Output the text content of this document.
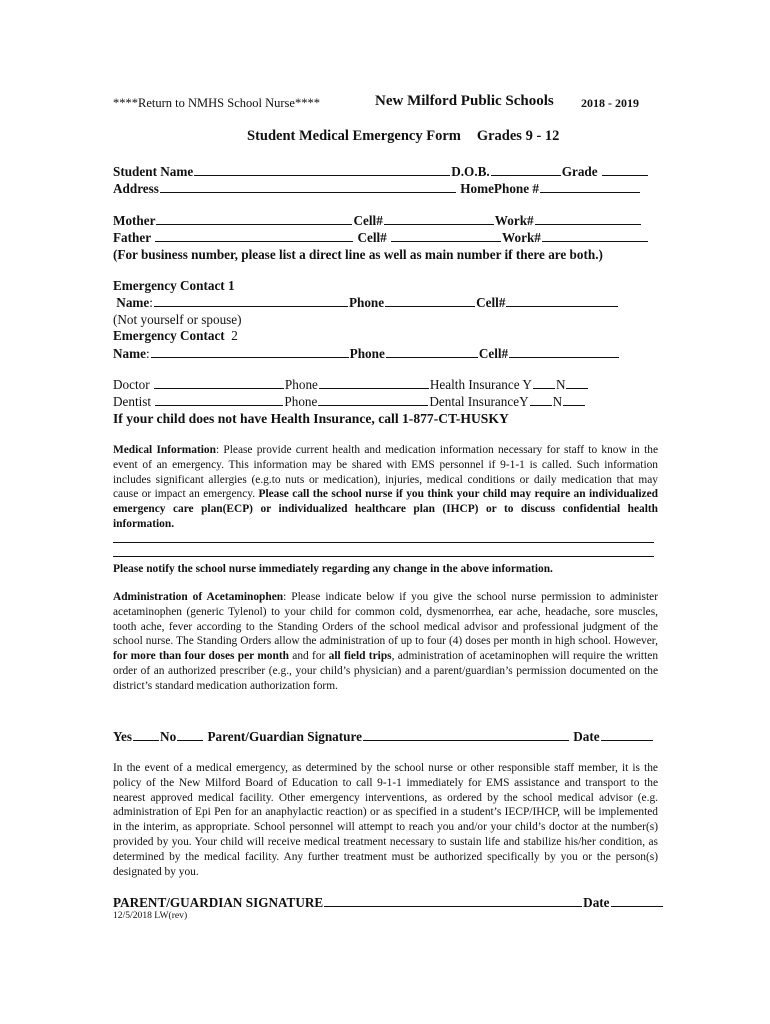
****Return to NMHS School Nurse****	New Milford Public Schools 2018 - 2019
Student Medical Emergency Form Grades 9 - 12
Student Name	D.O.B.	Grade
Address	HomePhone #
Mother	Cell#	Work#
Father	Cell#	Work#
(For business number, please list a direct line as well as main number if there are both.)
Emergency Contact 1
Name:	Phone	Cell#
(Not yourself or spouse)
Emergency Contact 2
Name:	Phone	Cell#
Doctor	Phone	Health Insurance Y N
Dentist	Phone	Dental InsuranceY N
If your child does not have Health Insurance, call 1-877-CT-HUSKY

Medical Information: Please provide current health and medication information necessary for staff to know in the event of an emergency. This information may be shared with EMS personnel if 9-1-1 is called. Such information includes significant allergies (e.g.to nuts or medication), injuries, medical conditions or daily medication that may cause or impact an emergency. Please call the school nurse if you think your child may require an individualized emergency care plan(ECP) or individualized healthcare plan (IHCP) or to discuss confidential health information.

Please notify the school nurse immediately regarding any change in the above information.

Administration of Acetaminophen: Please indicate below if you give the school nurse permission to administer acetaminophen (generic Tylenol) to your child for common cold, dysmenorrhea, ear ache, headache, sore muscles, tooth ache, fever according to the Standing Orders of the school medical advisor and professional judgment of the school nurse. The Standing Orders allow the administration of up to four (4) doses per month in high school. However, for more than four doses per month and for all field trips, administration of acetaminophen will require the written order of an authorized prescriber (e.g., your child’s physician) and a parent/guardian’s permission documented on the district’s standard medication authorization form.

Yes No Parent/Guardian Signature	Date
In the event of a medical emergency, as determined by the school nurse or other responsible staff member, it is the policy of the New Milford Board of Education to call 9-1-1 immediately for EMS assistance and transport to the nearest approved medical facility. Other emergency interventions, as ordered by the school medical advisor (e.g. administration of Epi Pen for an anaphylactic reaction) or as specified in a student’s IECP/IHCP, will be implemented in the interim, as appropriate. School personnel will attempt to reach you and/or your child’s doctor at the number(s) provided by you. Your child will receive medical treatment necessary to sustain life and stabilize his/her condition, as determined by the medical facility. Any further treatment must be authorized specifically by you or the person(s) designated by you.
PARENT/GUARDIAN SIGNATURE	Date
12/5/2018 LW(rev)
